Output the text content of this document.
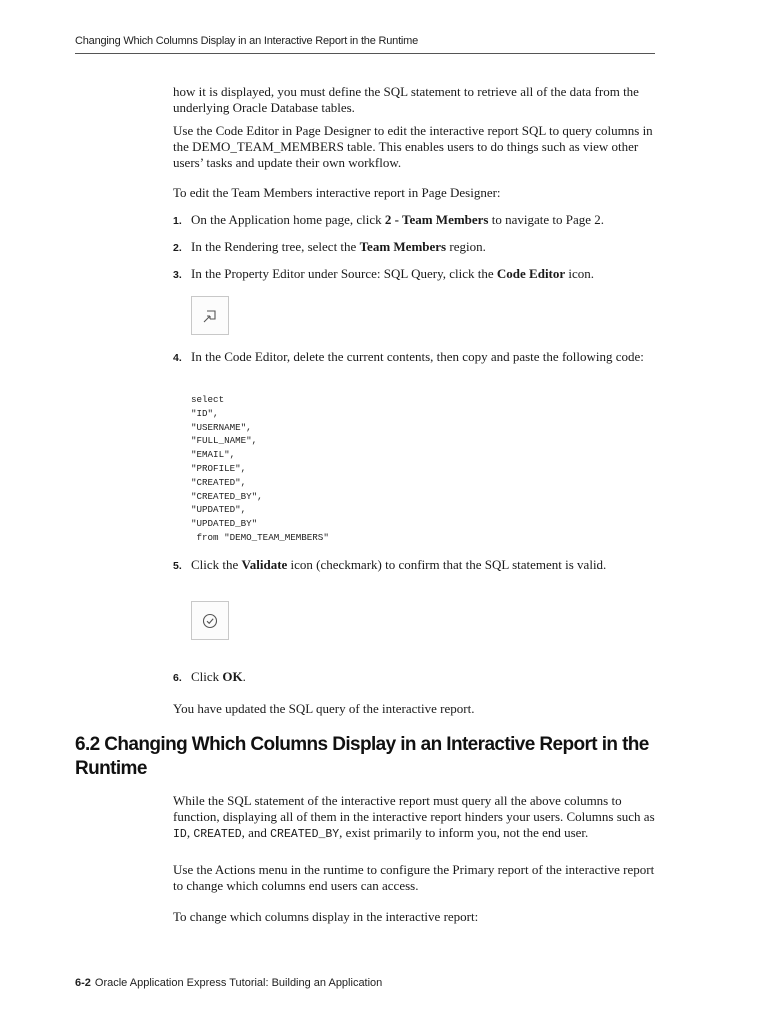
Changing Which Columns Display in an Interactive Report in the Runtime

how it is displayed, you must define the SQL statement to retrieve all of the data from the underlying Oracle Database tables.

Use the Code Editor in Page Designer to edit the interactive report SQL to query columns in the DEMO_TEAM_MEMBERS table. This enables users to do things such as view other users’ tasks and update their own workflow.

To edit the Team Members interactive report in Page Designer:

1. On the Application home page, click 2 - Team Members to navigate to Page 2.
2. In the Rendering tree, select the Team Members region.
3. In the Property Editor under Source: SQL Query, click the Code Editor icon.
4. In the Code Editor, delete the current contents, then copy and paste the following code:
select
"ID",
"USERNAME",
"FULL_NAME",
"EMAIL",
"PROFILE",
"CREATED",
"CREATED_BY",
"UPDATED",
"UPDATED_BY"
from "DEMO_TEAM_MEMBERS"
5. Click the Validate icon (checkmark) to confirm that the SQL statement is valid.
6. Click OK.

You have updated the SQL query of the interactive report.

6.2 Changing Which Columns Display in an Interactive Report in the Runtime

While the SQL statement of the interactive report must query all the above columns to function, displaying all of them in the interactive report hinders your users. Columns such as ID, CREATED, and CREATED_BY, exist primarily to inform you, not the end user.

Use the Actions menu in the runtime to configure the Primary report of the interactive report to change which columns end users can access.

To change which columns display in the interactive report:

6-2 Oracle Application Express Tutorial: Building an Application
